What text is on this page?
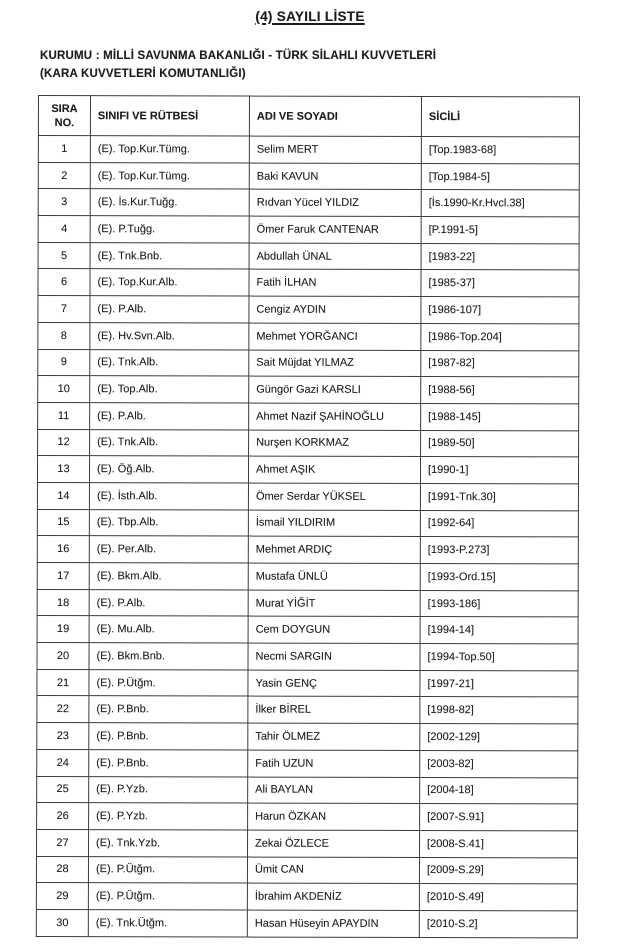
(4) SAYILI LİSTE
KURUMU : MİLLİ SAVUNMA BAKANLIĞI - TÜRK SİLAHLI KUVVETLERİ
(KARA KUVVETLERİ KOMUTANLIĞI)
SIRA NO.	SINIFI VE RÜTBESİ	ADI VE SOYADI	SİCİLİ
1	(E). Top.Kur.Tümg.	Selim MERT	[Top.1983-68]
2	(E). Top.Kur.Tümg.	Baki KAVUN	[Top.1984-5]
3	(E). İs.Kur.Tuğg.	Rıdvan Yücel YILDIZ	[İs.1990-Kr.Hvcl.38]
4	(E). P.Tuğg.	Ömer Faruk CANTENAR	[P.1991-5]
5	(E). Tnk.Bnb.	Abdullah ÜNAL	[1983-22]
6	(E). Top.Kur.Alb.	Fatih İLHAN	[1985-37]
7	(E). P.Alb.	Cengiz AYDIN	[1986-107]
8	(E). Hv.Svn.Alb.	Mehmet YORĞANCI	[1986-Top.204]
9	(E). Tnk.Alb.	Sait Müjdat YILMAZ	[1987-82]
10	(E). Top.Alb.	Güngör Gazi KARSLI	[1988-56]
11	(E). P.Alb.	Ahmet Nazif ŞAHİNOĞLU	[1988-145]
12	(E). Tnk.Alb.	Nurşen KORKMAZ	[1989-50]
13	(E). Öğ.Alb.	Ahmet AŞIK	[1990-1]
14	(E). İsth.Alb.	Ömer Serdar YÜKSEL	[1991-Tnk.30]
15	(E). Tbp.Alb.	İsmail YILDIRIM	[1992-64]
16	(E). Per.Alb.	Mehmet ARDIÇ	[1993-P.273]
17	(E). Bkm.Alb.	Mustafa ÜNLÜ	[1993-Ord.15]
18	(E). P.Alb.	Murat YİĞİT	[1993-186]
19	(E). Mu.Alb.	Cem DOYGUN	[1994-14]
20	(E). Bkm.Bnb.	Necmi SARGIN	[1994-Top.50]
21	(E). P.Ütğm.	Yasin GENÇ	[1997-21]
22	(E). P.Bnb.	İlker BİREL	[1998-82]
23	(E). P.Bnb.	Tahir ÖLMEZ	[2002-129]
24	(E). P.Bnb.	Fatih UZUN	[2003-82]
25	(E). P.Yzb.	Ali BAYLAN	[2004-18]
26	(E). P.Yzb.	Harun ÖZKAN	[2007-S.91]
27	(E). Tnk.Yzb.	Zekai ÖZLECE	[2008-S.41]
28	(E). P.Ütğm.	Ümit CAN	[2009-S.29]
29	(E). P.Ütğm.	İbrahim AKDENİZ	[2010-S.49]
30	(E). Tnk.Ütğm.	Hasan Hüseyin APAYDIN	[2010-S.2]
